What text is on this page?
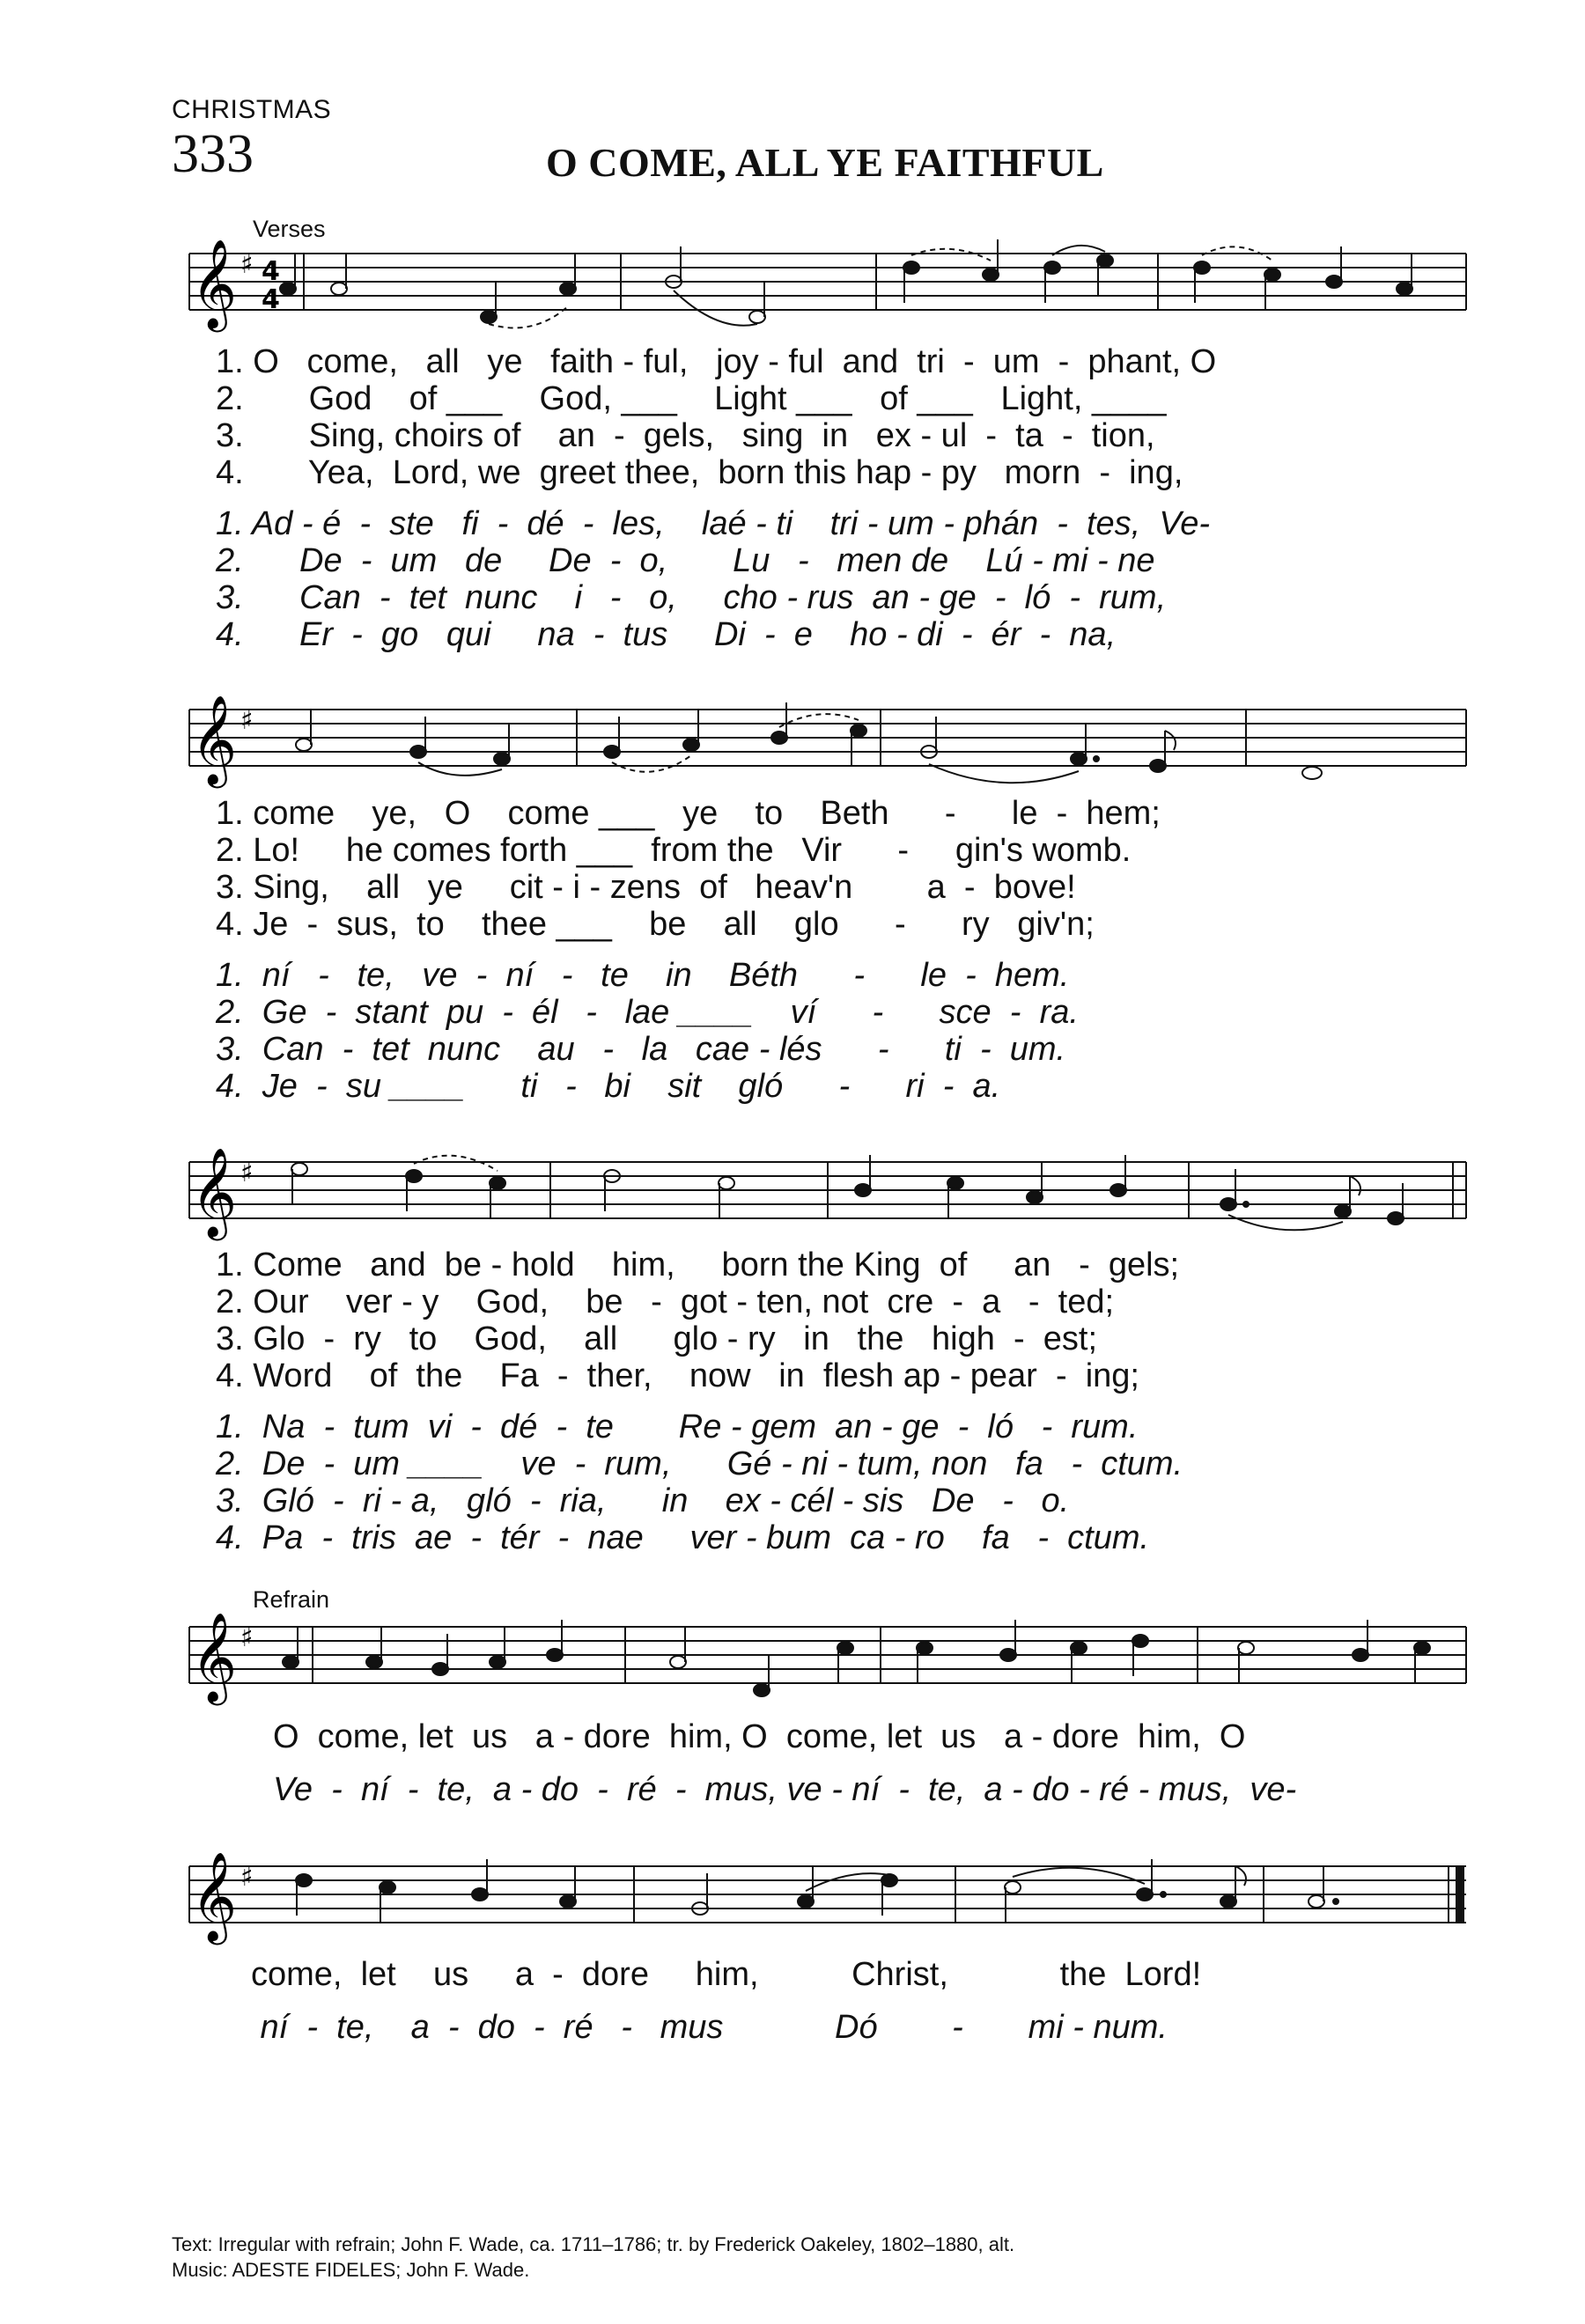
CHRISTMAS
333	O COME, ALL YE FAITHFUL
Verses
Refrain
𝄞 ♯ 4
4
1. O   come,   all   ye   faith - ful,   joy - ful  and  tri  -  um  -  phant, O
2.       God    of ___    God, ___    Light ___   of ___   Light, ____
3.       Sing, choirs of    an  -  gels,   sing  in   ex - ul  -  ta  -  tion,
4.       Yea,  Lord, we  greet thee,  born this hap - py   morn  -  ing,
1. Ad - é  -  ste   fi  -  dé  -  les,    laé - ti    tri - um - phán  -  tes,  Ve-
2.      De  -  um   de     De  -  o,       Lu   -   men de    Lú - mi - ne
3.      Can  -  tet  nunc    i   -   o,     cho - rus  an - ge  -  ló  -  rum,
4.      Er  -  go   qui     na  -  tus     Di  -  e    ho - di  -  ér  -  na,
𝄞 ♯
1. come    ye,   O    come ___   ye    to    Beth      -      le  -  hem;
2. Lo!     he comes forth ___  from the   Vir      -     gin's womb.
3. Sing,    all   ye     cit - i - zens  of   heav'n        a  -  bove!
4. Je  -  sus,  to    thee ___    be    all    glo      -      ry   giv'n;
1.  ní   -   te,   ve  -  ní   -   te    in    Béth      -      le  -  hem.
2.  Ge  -  stant  pu  -  él   -   lae ____    ví      -      sce  -  ra.
3.  Can  -  tet  nunc    au   -   la   cae - lés      -      ti  -  um.
4.  Je  -  su ____      ti   -   bi    sit    gló      -      ri  -  a.
𝄞 ♯
1. Come   and  be - hold    him,     born the King  of     an   -  gels;
2. Our    ver - y    God,    be   -  got - ten, not  cre  -  a   -  ted;
3. Glo  -  ry   to    God,    all      glo - ry   in   the   high  -  est;
4. Word    of  the    Fa  -  ther,    now   in  flesh ap - pear  -  ing;
1.  Na  -  tum  vi  -  dé  -  te       Re - gem  an - ge  -  ló   -  rum.
2.  De  -  um ____    ve  -  rum,      Gé - ni - tum, non   fa   -  ctum.
3.  Gló  -  ri - a,   gló  -  ria,      in    ex - cél - sis   De   -   o.
4.  Pa  -  tris  ae  -  tér  -  nae     ver - bum  ca - ro    fa   -  ctum.
𝄞 ♯
O  come, let  us   a - dore  him, O  come, let  us   a - dore  him,  O
Ve  -  ní  -  te,  a - do  -  ré  -  mus, ve - ní  -  te,  a - do - ré - mus,  ve-
𝄞 ♯
come,  let    us     a  -  dore     him,          Christ,            the  Lord!
ní  -  te,    a  -  do  -  ré   -   mus            Dó        -       mi - num.
Text: Irregular with refrain; John F. Wade, ca. 1711–1786; tr. by Frederick Oakeley, 1802–1880, alt.
Music: ADESTE FIDELES; John F. Wade.
